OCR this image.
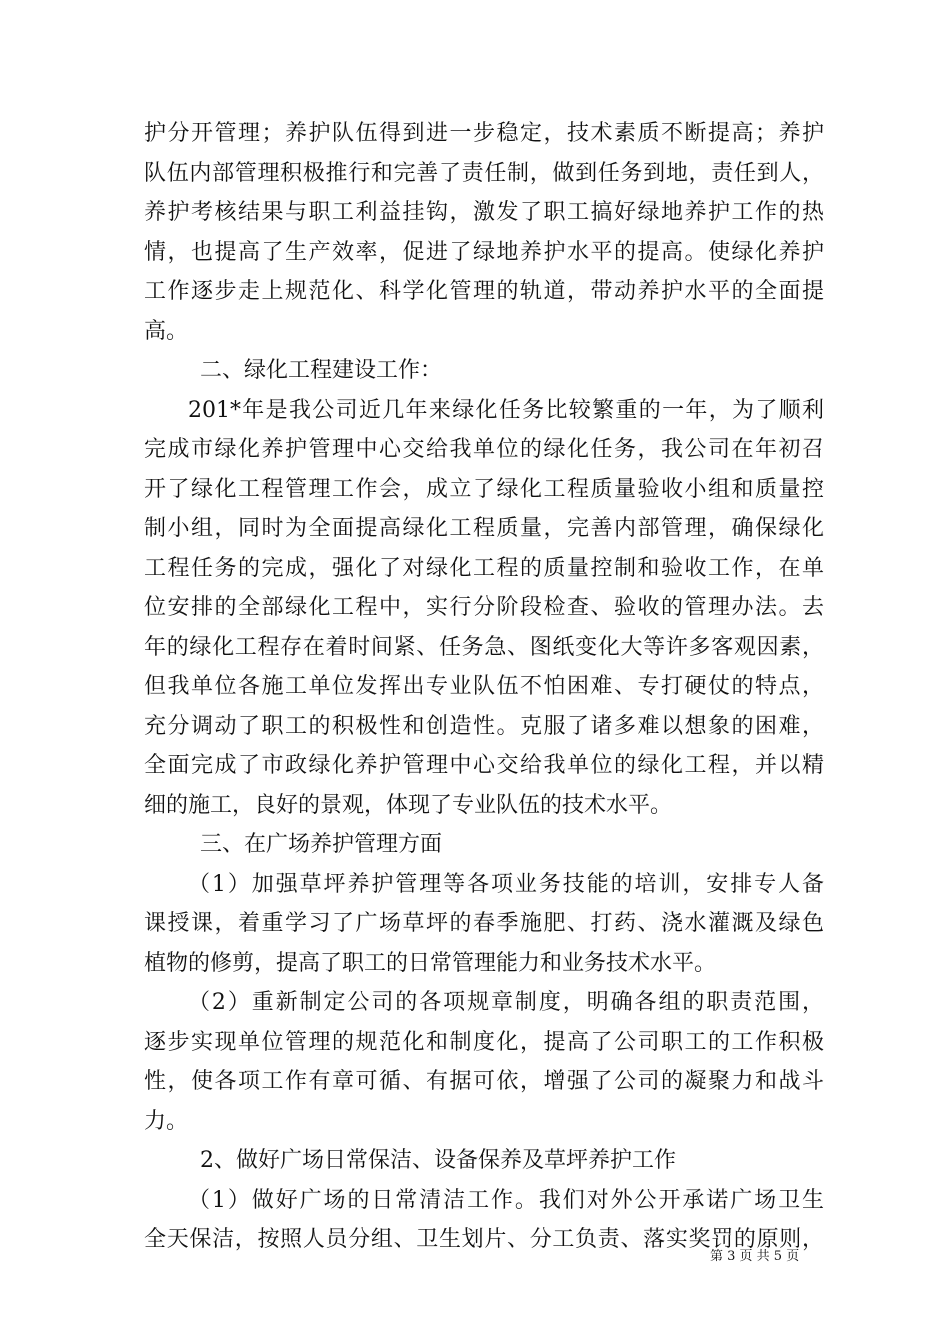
护分开管理；养护队伍得到进一步稳定，技术素质不断提高；养护
队伍内部管理积极推行和完善了责任制，做到任务到地，责任到人，
养护考核结果与职工利益挂钩，激发了职工搞好绿地养护工作的热
情，也提高了生产效率，促进了绿地养护水平的提高。使绿化养护
工作逐步走上规范化、科学化管理的轨道，带动养护水平的全面提
高。
二、绿化工程建设工作：
201*年是我公司近几年来绿化任务比较繁重的一年，为了顺利
完成市绿化养护管理中心交给我单位的绿化任务，我公司在年初召
开了绿化工程管理工作会，成立了绿化工程质量验收小组和质量控
制小组，同时为全面提高绿化工程质量，完善内部管理，确保绿化
工程任务的完成，强化了对绿化工程的质量控制和验收工作，在单
位安排的全部绿化工程中，实行分阶段检查、验收的管理办法。去
年的绿化工程存在着时间紧、任务急、图纸变化大等许多客观因素，
但我单位各施工单位发挥出专业队伍不怕困难、专打硬仗的特点，
充分调动了职工的积极性和创造性。克服了诸多难以想象的困难，
全面完成了市政绿化养护管理中心交给我单位的绿化工程，并以精
细的施工，良好的景观，体现了专业队伍的技术水平。
三、在广场养护管理方面
（1）加强草坪养护管理等各项业务技能的培训，安排专人备
课授课，着重学习了广场草坪的春季施肥、打药、浇水灌溉及绿色
植物的修剪，提高了职工的日常管理能力和业务技术水平。
（2）重新制定公司的各项规章制度，明确各组的职责范围，
逐步实现单位管理的规范化和制度化，提高了公司职工的工作积极
性，使各项工作有章可循、有据可依，增强了公司的凝聚力和战斗
力。
2、做好广场日常保洁、设备保养及草坪养护工作
（1）做好广场的日常清洁工作。我们对外公开承诺广场卫生
全天保洁，按照人员分组、卫生划片、分工负责、落实奖罚的原则，
第 3 页 共 5 页
